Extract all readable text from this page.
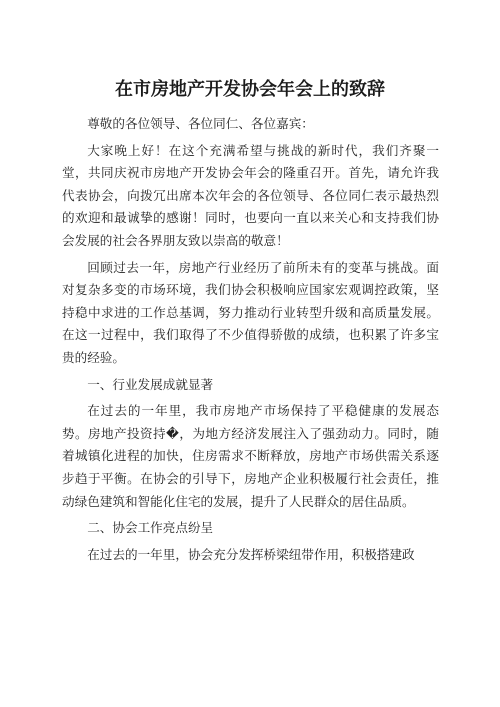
在市房地产开发协会年会上的致辞

尊敬的各位领导、各位同仁、各位嘉宾：

大家晚上好！在这个充满希望与挑战的新时代，我们齐聚一堂，共同庆祝市房地产开发协会年会的隆重召开。首先，请允许我代表协会，向拨冗出席本次年会的各位领导、各位同仁表示最热烈的欢迎和最诚挚的感谢！同时，也要向一直以来关心和支持我们协会发展的社会各界朋友致以崇高的敬意！

回顾过去一年，房地产行业经历了前所未有的变革与挑战。面对复杂多变的市场环境，我们协会积极响应国家宏观调控政策，坚持稳中求进的工作总基调，努力推动行业转型升级和高质量发展。在这一过程中，我们取得了不少值得骄傲的成绩，也积累了许多宝贵的经验。

一、行业发展成就显著

在过去的一年里，我市房地产市场保持了平稳健康的发展态势。房地产投资持�，为地方经济发展注入了强劲动力。同时，随着城镇化进程的加快，住房需求不断释放，房地产市场供需关系逐步趋于平衡。在协会的引导下，房地产企业积极履行社会责任，推动绿色建筑和智能化住宅的发展，提升了人民群众的居住品质。

二、协会工作亮点纷呈

在过去的一年里，协会充分发挥桥梁纽带作用，积极搭建政
